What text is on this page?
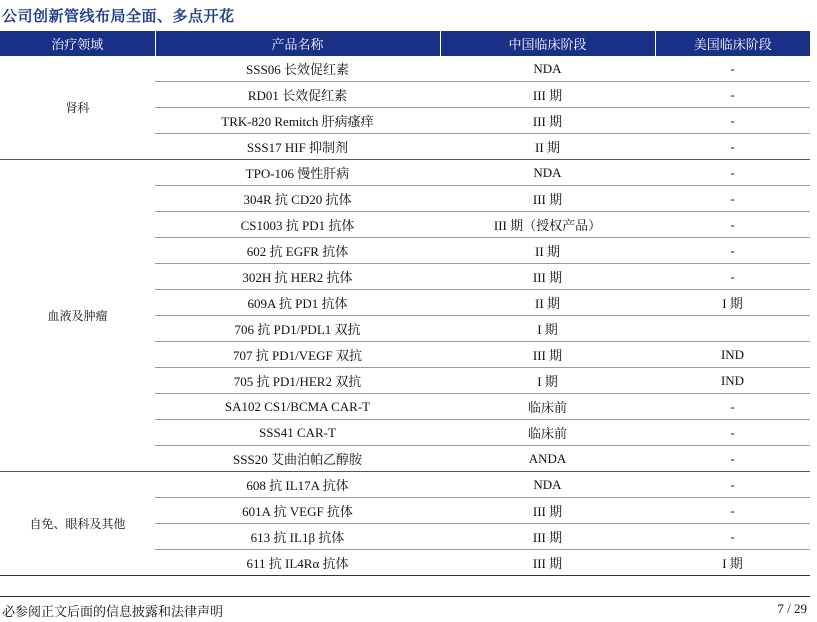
公司创新管线布局全面、多点开花
治疗领域	产品名称	中国临床阶段	美国临床阶段
肾科	SSS06 长效促红素	NDA	-
	RD01 长效促红素	III 期	-
	TRK-820 Remitch 肝病瘙痒	III 期	-
	SSS17 HIF 抑制剂	II 期	-
血液及肿瘤	TPO-106 慢性肝病	NDA	-
	304R 抗 CD20 抗体	III 期	-
	CS1003 抗 PD1 抗体	III 期（授权产品）	-
	602 抗 EGFR 抗体	II 期	-
	302H 抗 HER2 抗体	III 期	-
	609A 抗 PD1 抗体	II 期	I 期
	706 抗 PD1/PDL1 双抗	I 期	
	707 抗 PD1/VEGF 双抗	III 期	IND
	705 抗 PD1/HER2 双抗	I 期	IND
	SA102 CS1/BCMA CAR-T	临床前	-
	SSS41 CAR-T	临床前	-
	SSS20 艾曲泊帕乙醇胺	ANDA	-
自免、眼科及其他	608 抗 IL17A 抗体	NDA	-
	601A 抗 VEGF 抗体	III 期	-
	613 抗 IL1β 抗体	III 期	-
	611 抗 IL4Rα 抗体	III 期	I 期
必参阅正文后面的信息披露和法律声明	7 / 29
